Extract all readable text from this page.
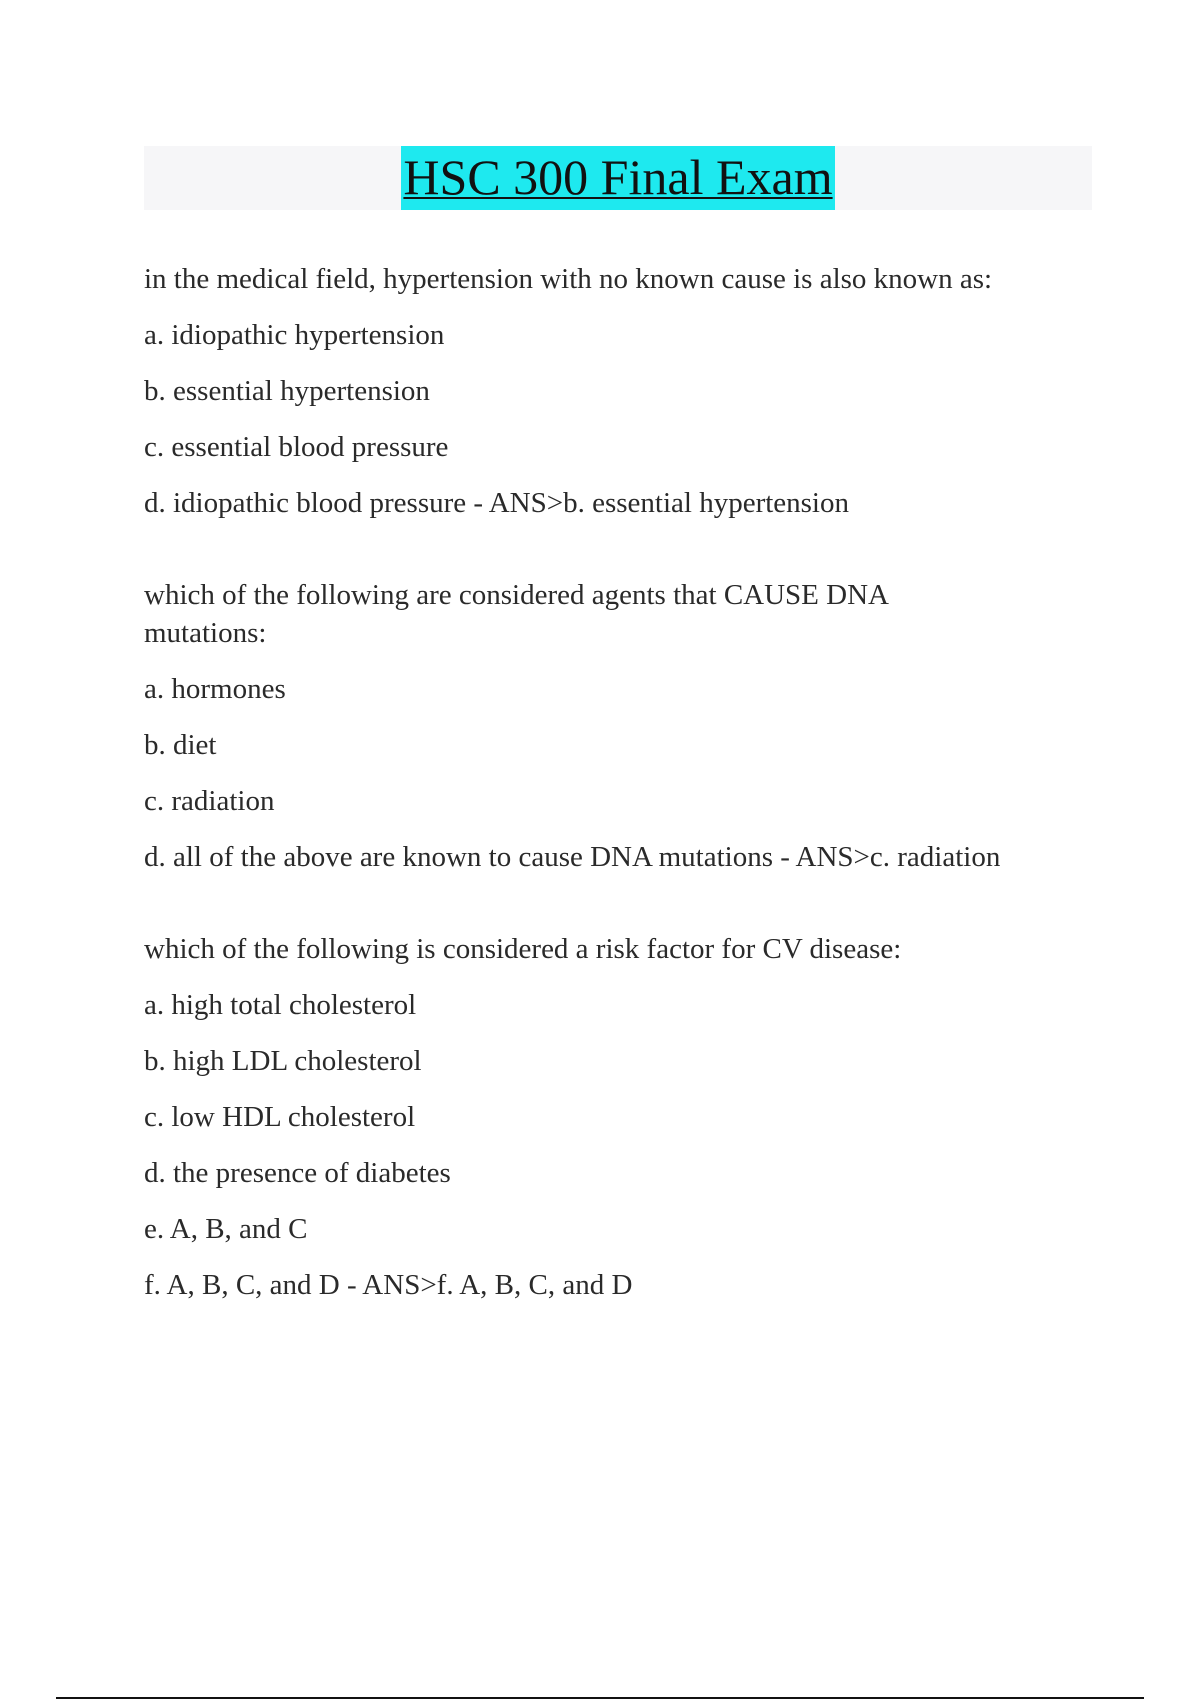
HSC 300 Final Exam

in the medical field, hypertension with no known cause is also known as:

a. idiopathic hypertension

b. essential hypertension

c. essential blood pressure

d. idiopathic blood pressure - ANS>b. essential hypertension

which of the following are considered agents that CAUSE DNA mutations:

a. hormones

b. diet

c. radiation

d. all of the above are known to cause DNA mutations - ANS>c. radiation

which of the following is considered a risk factor for CV disease:

a. high total cholesterol

b. high LDL cholesterol

c. low HDL cholesterol

d. the presence of diabetes

e. A, B, and C

f. A, B, C, and D - ANS>f. A, B, C, and D
